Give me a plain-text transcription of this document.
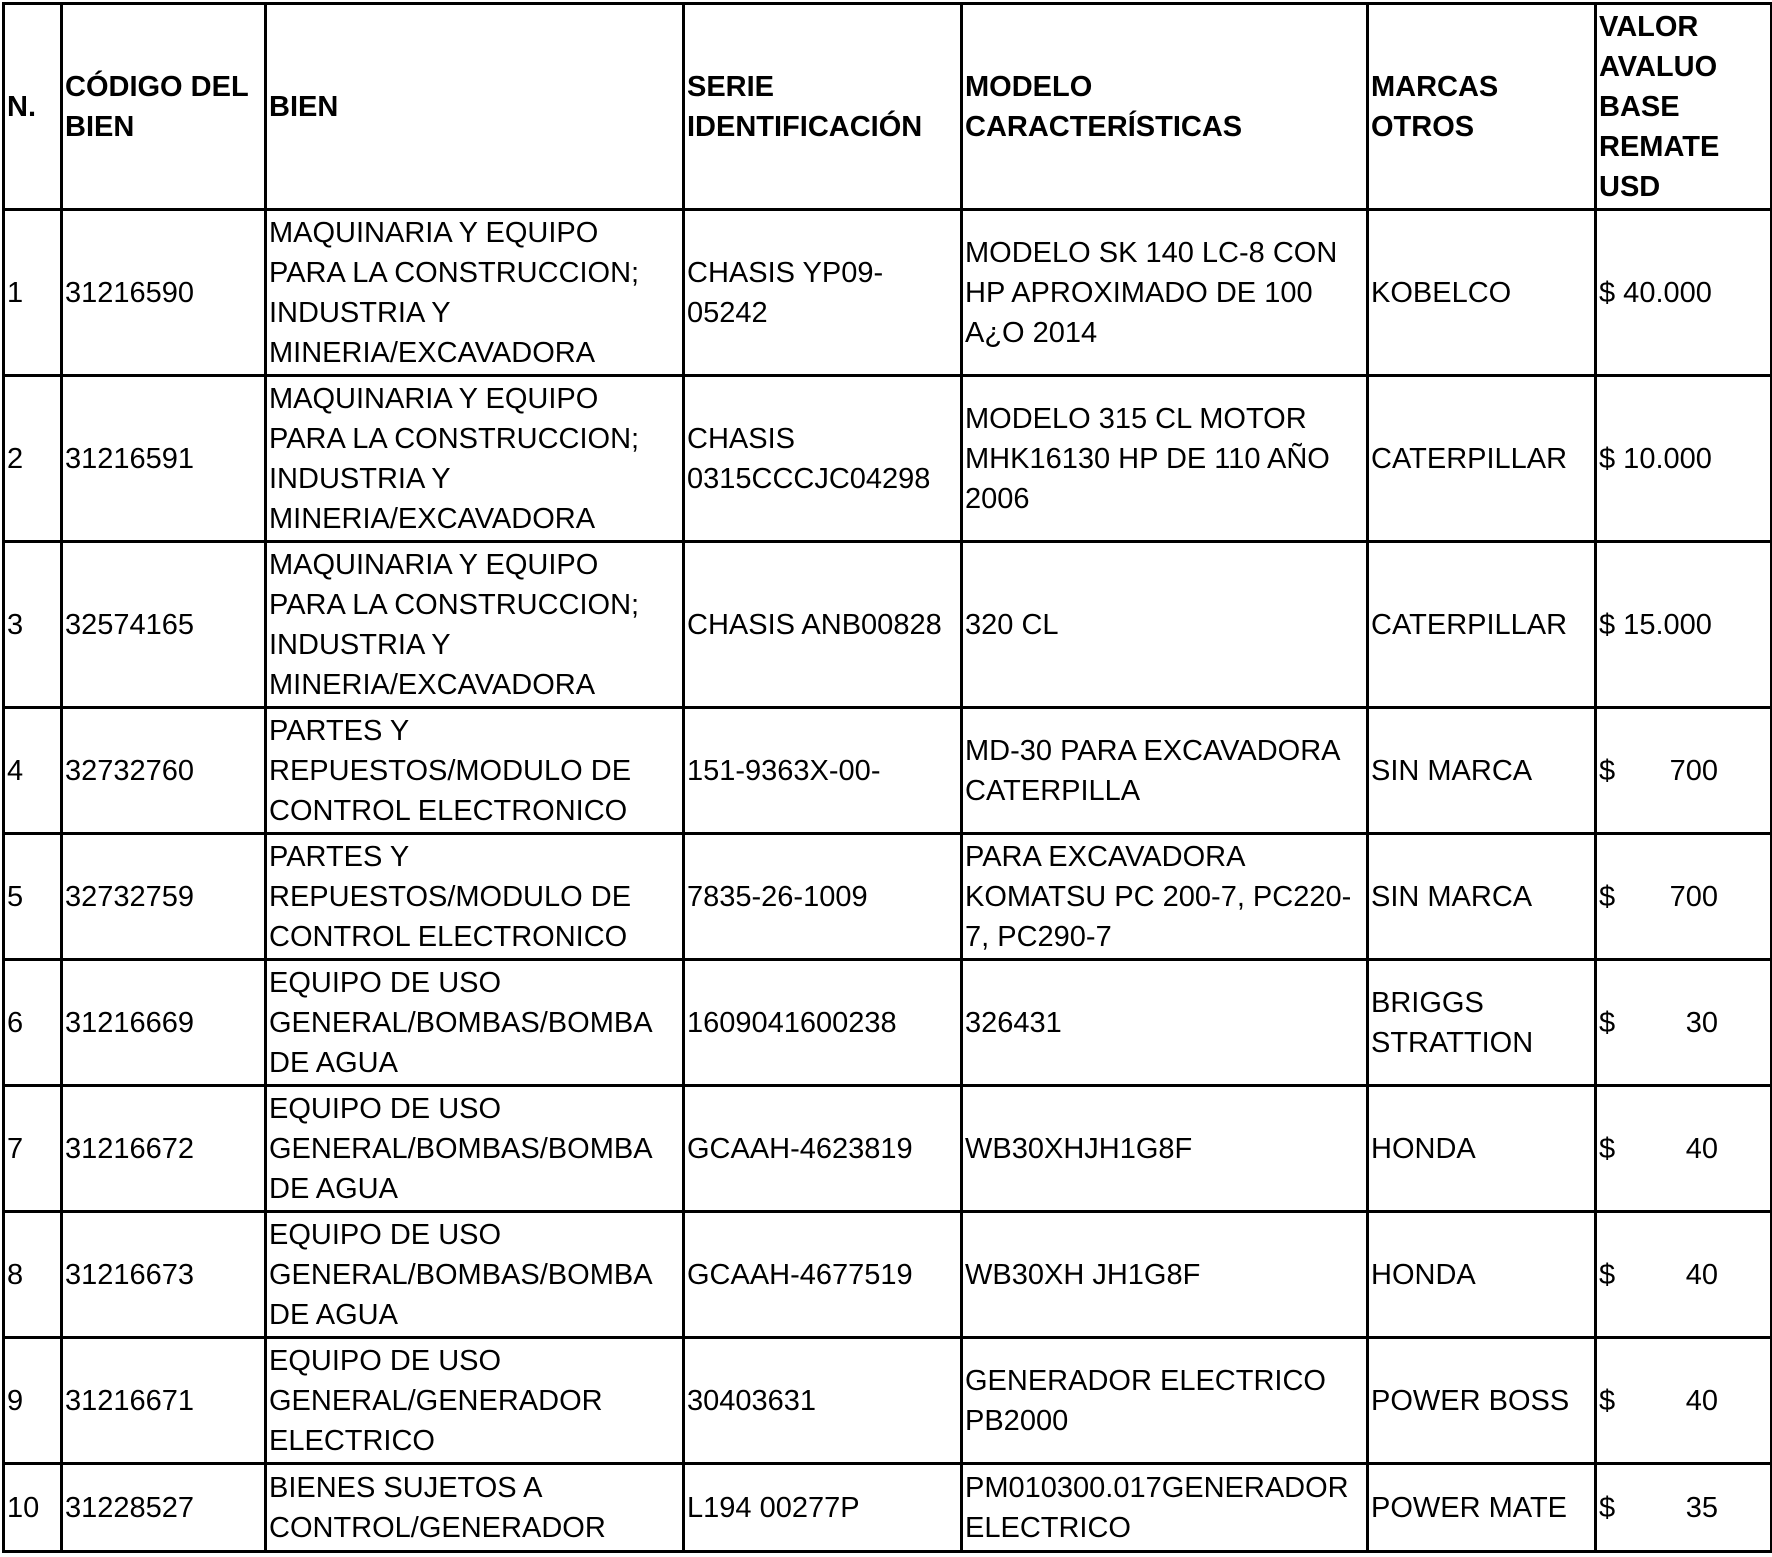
N.	CÓDIGO DEL BIEN	BIEN	SERIE IDENTIFICACIÓN	MODELO CARACTERÍSTICAS	MARCAS OTROS	VALOR AVALUO BASE REMATE USD
1	31216590	MAQUINARIA Y EQUIPO PARA LA CONSTRUCCION; INDUSTRIA Y MINERIA/EXCAVADORA	CHASIS YP09-05242	MODELO SK 140 LC-8 CON HP APROXIMADO DE 100 A¿O 2014	KOBELCO	$ 40.000

2	31216591	MAQUINARIA Y EQUIPO PARA LA CONSTRUCCION; INDUSTRIA Y MINERIA/EXCAVADORA	CHASIS 0315CCCJC04298	MODELO 315 CL MOTOR MHK16130 HP DE 110 AÑO 2006	CATERPILLAR	$ 10.000

3	32574165	MAQUINARIA Y EQUIPO PARA LA CONSTRUCCION; INDUSTRIA Y MINERIA/EXCAVADORA	CHASIS ANB00828	320 CL	CATERPILLAR	$ 15.000

4	32732760	PARTES Y REPUESTOS/MODULO DE CONTROL ELECTRONICO	151-9363X-00-	MD-30 PARA EXCAVADORA CATERPILLA	SIN MARCA	$ 700

5	32732759	PARTES Y REPUESTOS/MODULO DE CONTROL ELECTRONICO	7835-26-1009	PARA EXCAVADORA KOMATSU PC 200-7, PC220-7, PC290-7	SIN MARCA	$ 700

6	31216669	EQUIPO DE USO GENERAL/BOMBAS/BOMBA DE AGUA	1609041600238	326431	BRIGGS STRATTION	$ 30

7	31216672	EQUIPO DE USO GENERAL/BOMBAS/BOMBA DE AGUA	GCAAH-4623819	WB30XHJH1G8F	HONDA	$ 40

8	31216673	EQUIPO DE USO GENERAL/BOMBAS/BOMBA DE AGUA	GCAAH-4677519	WB30XH JH1G8F	HONDA	$ 40

9	31216671	EQUIPO DE USO GENERAL/GENERADOR ELECTRICO	30403631	GENERADOR ELECTRICO PB2000	POWER BOSS	$ 40

10	31228527	BIENES SUJETOS A CONTROL/GENERADOR	L194 00277P	PM010300.017GENERADOR ELECTRICO	POWER MATE	$ 35
